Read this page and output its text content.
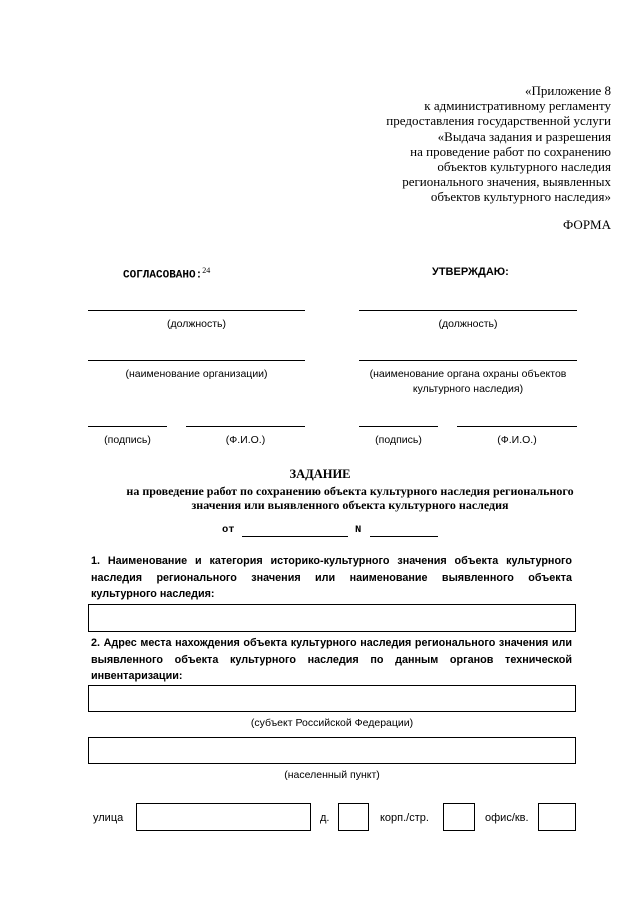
«Приложение 8
к административному регламенту
предоставления государственной услуги
«Выдача задания и разрешения
на проведение работ по сохранению
объектов культурного наследия
регионального значения, выявленных
объектов культурного наследия»
ФОРМА
СОГЛАСОВАНО:$^{24}$	УТВЕРЖДАЮ:
(должность)
(наименование организации)
(подпись)	(Ф.И.О.)
(должность)
(наименование органа охраны объектов
культурного наследия)
(подпись)	(Ф.И.О.)
ЗАДАНИЕ
на проведение работ по сохранению объекта культурного наследия регионального
значения или выявленного объекта культурного наследия
от	N
1. Наименование и категория историко-культурного значения объекта культурного наследия регионального значения или наименование выявленного объекта культурного наследия:
2. Адрес места нахождения объекта культурного наследия регионального значения или выявленного объекта культурного наследия по данным органов технической инвентаризации:
(субъект Российской Федерации)
(населенный пункт)
улица	д.	корп./стр.	офис/кв.
